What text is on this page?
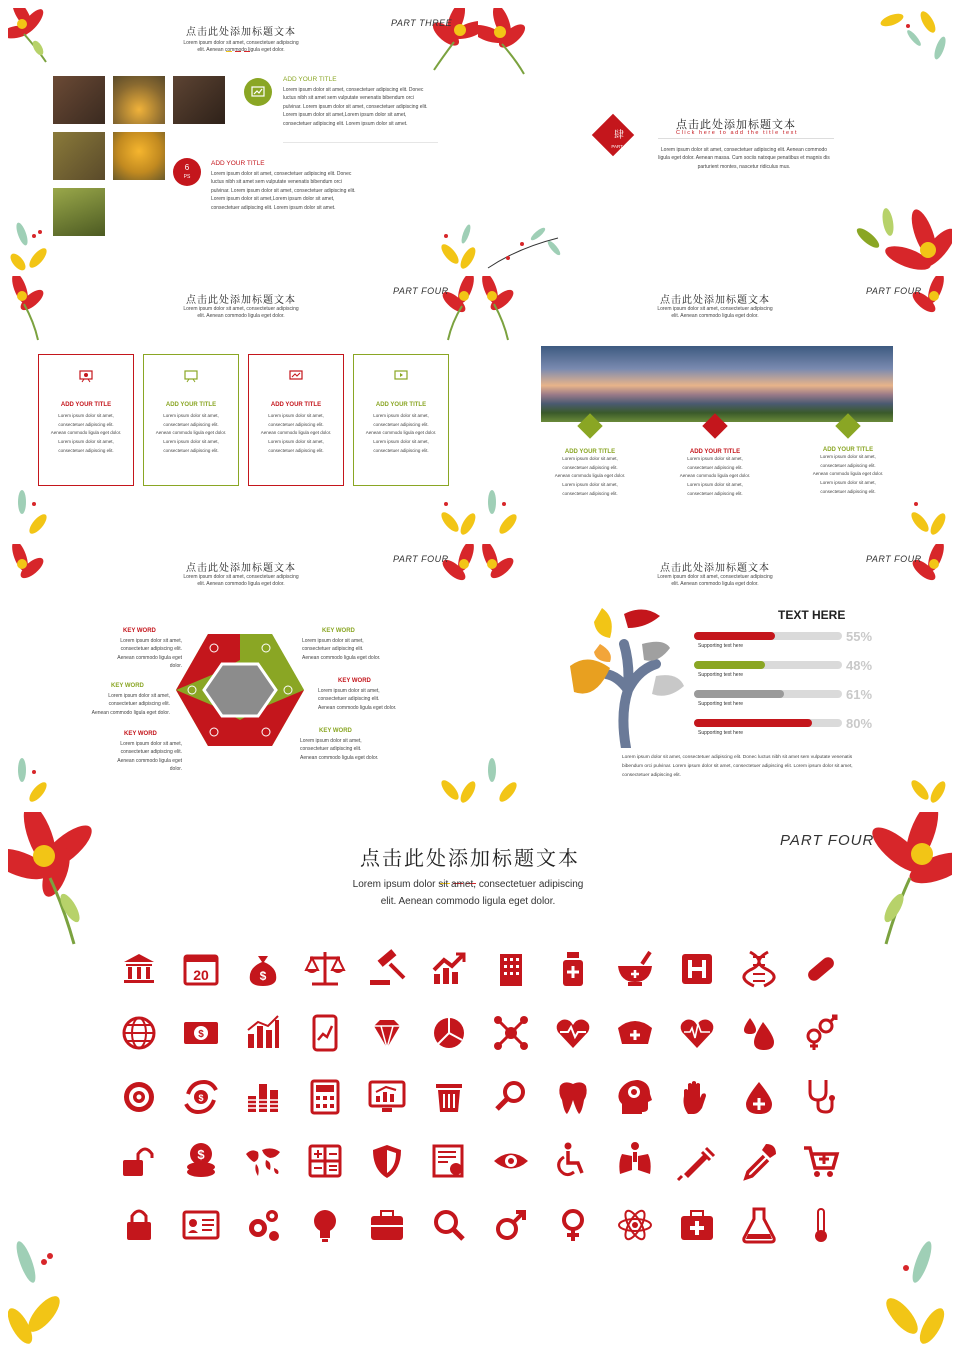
点击此处添加标题文本
Lorem ipsum dolor sit amet, consectetuer adipiscing
elit. Aenean commodo ligula eget dolor.
PART THREE
ADD YOUR TITLE
Lorem ipsum dolor sit amet, consectetuer adipiscing elit. Donec
luctus nibh sit amet sem vulputate venenatis bibendum orci
pulvinar. Lorem ipsum dolor sit amet, consectetuer adipiscing elit.
Lorem ipsum dolor sit amet,Lorem ipsum dolor sit amet,
consectetuer adipiscing elit. Lorem ipsum dolor sit amet.
6
PS
ADD YOUR TITLE
Lorem ipsum dolor sit amet, consectetuer adipiscing elit. Donec
luctus nibh sit amet sem vulputate venenatis bibendum orci
pulvinar. Lorem ipsum dolor sit amet, consectetuer adipiscing elit.
Lorem ipsum dolor sit amet,Lorem ipsum dolor sit amet,
consectetuer adipiscing elit. Lorem ipsum dolor sit amet.
肆
PART 4
点击此处添加标题文本
Click here to add the title text
Lorem ipsum dolor sit amet, consectetuer adipiscing elit. Aenean commodo
ligula eget dolor. Aenean massa. Cum sociis natoque penatibus et magnis dis
parturient montes, nascetur ridiculus mus.
点击此处添加标题文本
Lorem ipsum dolor sit amet, consectetuer adipiscing
elit. Aenean commodo ligula eget dolor.
PART FOUR
ADD YOUR TITLE
Lorem ipsum dolor sit amet,
consectetuer adipiscing elit.
Aenean commodo ligula eget dolor.
Lorem ipsum dolor sit amet,
consectetuer adipiscing elit.
ADD YOUR TITLE
Lorem ipsum dolor sit amet,
consectetuer adipiscing elit.
Aenean commodo ligula eget dolor.
Lorem ipsum dolor sit amet,
consectetuer adipiscing elit.
ADD YOUR TITLE
Lorem ipsum dolor sit amet,
consectetuer adipiscing elit.
Aenean commodo ligula eget dolor.
Lorem ipsum dolor sit amet,
consectetuer adipiscing elit.
ADD YOUR TITLE
Lorem ipsum dolor sit amet,
consectetuer adipiscing elit.
Aenean commodo ligula eget dolor.
Lorem ipsum dolor sit amet,
consectetuer adipiscing elit.
点击此处添加标题文本
Lorem ipsum dolor sit amet, consectetuer adipiscing
elit. Aenean commodo ligula eget dolor.
PART FOUR
ADD YOUR TITLE
Lorem ipsum dolor sit amet,
consectetuer adipiscing elit.
Aenean commodo ligula eget dolor.
Lorem ipsum dolor sit amet,
consectetuer adipiscing elit.
ADD YOUR TITLE
Lorem ipsum dolor sit amet,
consectetuer adipiscing elit.
Aenean commodo ligula eget dolor.
Lorem ipsum dolor sit amet,
consectetuer adipiscing elit.
ADD YOUR TITLE
Lorem ipsum dolor sit amet,
consectetuer adipiscing elit.
Aenean commodo ligula eget dolor.
Lorem ipsum dolor sit amet,
consectetuer adipiscing elit.
点击此处添加标题文本
Lorem ipsum dolor sit amet, consectetuer adipiscing
elit. Aenean commodo ligula eget dolor.
PART FOUR
KEY WORD
Lorem ipsum dolor sit amet,
consectetuer adipiscing elit.
Aenean commodo ligula eget dolor.
KEY WORD
Lorem ipsum dolor sit amet,
consectetuer adipiscing elit.
Aenean commodo ligula eget dolor.
KEY WORD
Lorem ipsum dolor sit amet,
consectetuer adipiscing elit.
Aenean commodo ligula eget dolor.
KEY WORD
Lorem ipsum dolor sit amet,
consectetuer adipiscing elit.
Aenean commodo ligula eget dolor.
KEY WORD
Lorem ipsum dolor sit amet,
consectetuer adipiscing elit.
Aenean commodo ligula eget dolor.
KEY WORD
Lorem ipsum dolor sit amet,
consectetuer adipiscing elit.
Aenean commodo ligula eget dolor.
点击此处添加标题文本
Lorem ipsum dolor sit amet, consectetuer adipiscing
elit. Aenean commodo ligula eget dolor.
PART FOUR
TEXT HERE
55%
Supporting text here
48%
Supporting text here
61%
Supporting text here
80%
Supporting text here
Lorem ipsum dolor sit amet, consectetuer adipiscing elit. Donec luctus nibh sit amet sem vulputate venenatis
bibendum orci pulvinar. Lorem ipsum dolor sit amet, consectetuer adipiscing elit. Lorem ipsum dolor sit amet,
consectetuer adipiscing elit.
点击此处添加标题文本
Lorem ipsum dolor sit amet, consectetuer adipiscing
elit. Aenean commodo ligula eget dolor.
PART FOUR
20	$
$
$
$
